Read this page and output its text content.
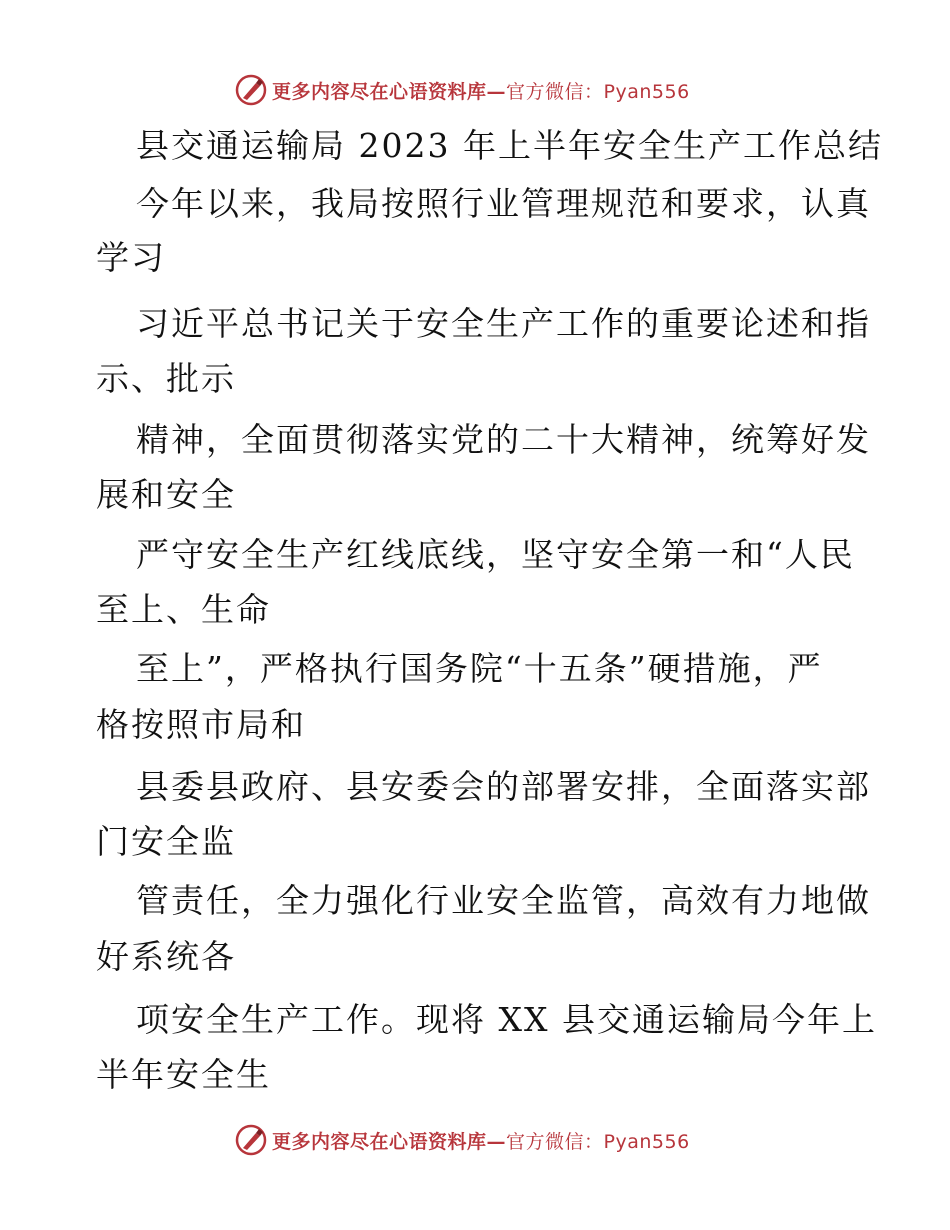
更多内容尽在心语资料库—官方微信：Pyan556
县交通运输局 2023 年上半年安全生产工作总结
今年以来，我局按照行业管理规范和要求，认真
学习
习近平总书记关于安全生产工作的重要论述和指
示、批示
精神，全面贯彻落实党的二十大精神，统筹好发
展和安全
严守安全生产红线底线，坚守安全第一和“人民
至上、生命
至上”，严格执行国务院“十五条”硬措施，严
格按照市局和
县委县政府、县安委会的部署安排，全面落实部
门安全监
管责任，全力强化行业安全监管，高效有力地做
好系统各
项安全生产工作。现将 XX 县交通运输局今年上
半年安全生
更多内容尽在心语资料库—官方微信：Pyan556
